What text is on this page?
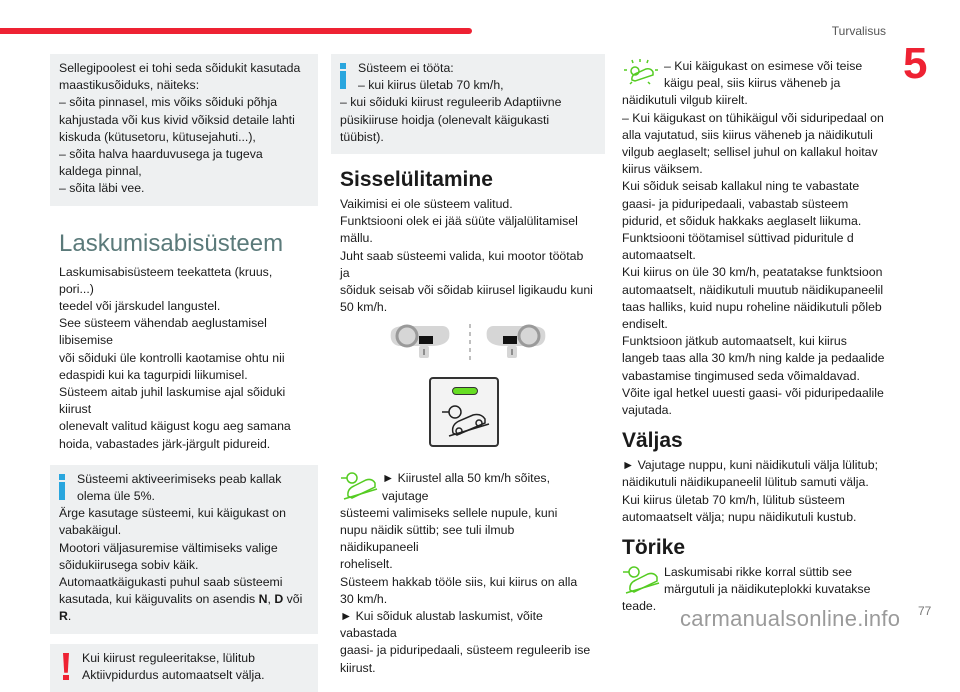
Turvalisus
5

Sellegipoolest ei tohi seda sõidukit kasutada

maastikusõiduks, näiteks:

– sõita pinnasel, mis võiks sõiduki põhja

kahjustada või kus kivid võiksid detaile lahti

kiskuda (kütusetoru, kütusejahuti...),

– sõita halva haarduvusega ja tugeva

kaldega pinnal,

– sõita läbi vee.

Laskumisabisüsteem

Laskumisabisüsteem teekatteta (kruus, pori...)

teedel või järskudel langustel.

See süsteem vähendab aeglustamisel libisemise

või sõiduki üle kontrolli kaotamise ohtu nii

edaspidi kui ka tagurpidi liikumisel.

Süsteem aitab juhil laskumise ajal sõiduki kiirust

olenevalt valitud käigust kogu aeg samana

hoida, vabastades järk-järgult pidureid.

Süsteemi aktiveerimiseks peab kallak

olema üle 5%.

Ärge kasutage süsteemi, kui käigukast on

vabakäigul.

Mootori väljasuremise vältimiseks valige

sõidukiirusega sobiv käik.

Automaatkäigukasti puhul saab süsteemi

kasutada, kui käiguvalits on asendis N, D või

R.

Kui kiirust reguleeritakse, lülitub

Aktiivpidurdus automaatselt välja.

Süsteem ei tööta:

– kui kiirus ületab 70 km/h,

– kui sõiduki kiirust reguleerib Adaptiivne

püsikiiruse hoidja (olenevalt käigukasti

tüübist).

Sisselülitamine

Vaikimisi ei ole süsteem valitud.

Funktsiooni olek ei jää süüte väljalülitamisel

mällu.

Juht saab süsteemi valida, kui mootor töötab ja

sõiduk seisab või sõidab kiirusel ligikaudu kuni

50 km/h.

► Kiirustel alla 50 km/h sõites, vajutage

süsteemi valimiseks sellele nupule, kuni

nupu näidik süttib; see tuli ilmub näidikupaneeli

roheliselt.

Süsteem hakkab tööle siis, kui kiirus on alla

30 km/h.

► Kui sõiduk alustab laskumist, võite vabastada

gaasi- ja piduripedaali, süsteem reguleerib ise

kiirust.

– Kui käigukast on esimese või teise

käigu peal, siis kiirus väheneb ja

näidikutuli vilgub kiirelt.

– Kui käigukast on tühikäigul või siduripedaal on

alla vajutatud, siis kiirus väheneb ja näidikutuli

vilgub aeglaselt; sellisel juhul on kallakul hoitav

kiirus väiksem.

Kui sõiduk seisab kallakul ning te vabastate

gaasi- ja piduripedaali, vabastab süsteem

pidurid, et sõiduk hakkaks aeglaselt liikuma.

Funktsiooni töötamisel süttivad piduritule d

automaatselt.

Kui kiirus on üle 30 km/h, peatatakse funktsioon

automaatselt, näidikutuli muutub näidikupaneelil

taas halliks, kuid nupu roheline näidikutuli põleb

endiselt.

Funktsioon jätkub automaatselt, kui kiirus

langeb taas alla 30 km/h ning kalde ja pedaalide

vabastamise tingimused seda võimaldavad.

Võite igal hetkel uuesti gaasi- või piduripedaalile

vajutada.

Väljas

► Vajutage nuppu, kuni näidikutuli välja lülitub;

näidikutuli näidikupaneelil lülitub samuti välja.

Kui kiirus ületab 70 km/h, lülitub süsteem

automaatselt välja; nupu näidikutuli kustub.

Törike

Laskumisabi rikke korral süttib see

märgutuli ja näidikuteplokki kuvatakse

teade.	carmanualsonline.info 77
